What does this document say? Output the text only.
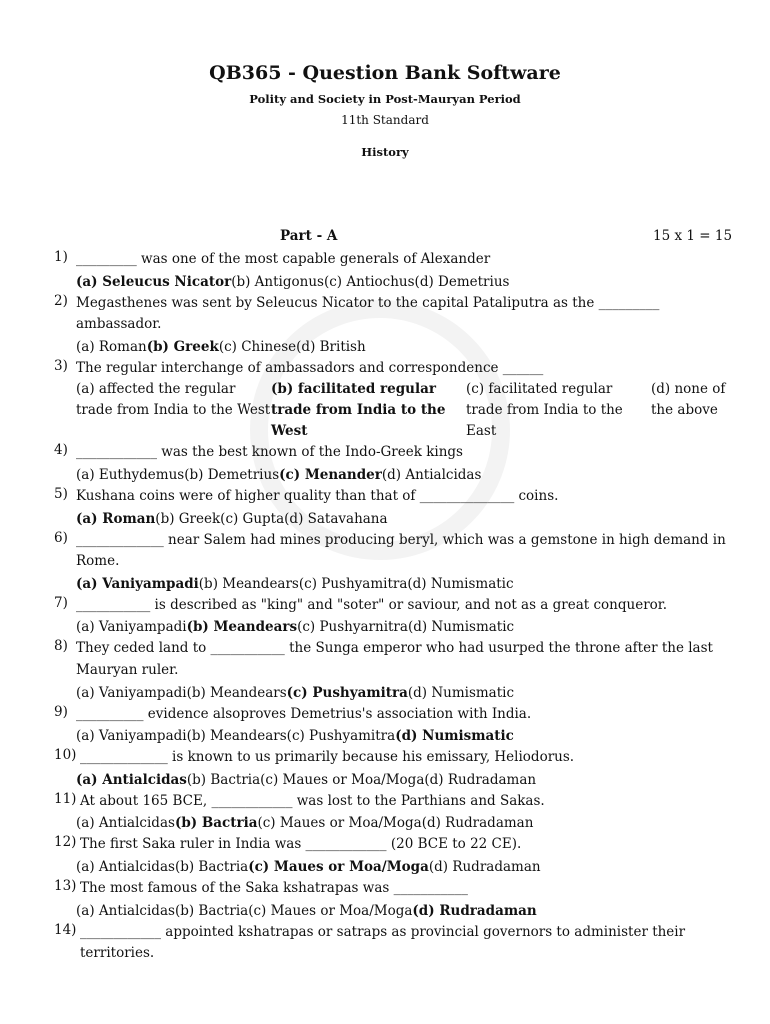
QB365 - Question Bank Software
Polity and Society in Post-Mauryan Period
11th Standard
History
Part - A	15 x 1 = 15
1) _________ was one of the most capable generals of Alexander
(a) Seleucus Nicator(b) Antigonus(c) Antiochus(d) Demetrius
2) Megasthenes was sent by Seleucus Nicator to the capital Pataliputra as the _________ ambassador.
(a) Roman(b) Greek(c) Chinese(d) British
3) The regular interchange of ambassadors and correspondence ______
(a) affected the regular trade from India to the West
(b) facilitated regular trade from India to the West
(c) facilitated regular trade from India to the East
(d) none of the above
4) ____________ was the best known of the Indo-Greek kings
(a) Euthydemus(b) Demetrius(c) Menander(d) Antialcidas
5) Kushana coins were of higher quality than that of ______________ coins.
(a) Roman(b) Greek(c) Gupta(d) Satavahana
6) _____________ near Salem had mines producing beryl, which was a gemstone in high demand in Rome.
(a) Vaniyampadi(b) Meandears(c) Pushyamitra(d) Numismatic
7) ___________ is described as "king" and "soter" or saviour, and not as a great conqueror.
(a) Vaniyampadi(b) Meandears(c) Pushyarnitra(d) Numismatic
8) They ceded land to ___________ the Sunga emperor who had usurped the throne after the last Mauryan ruler.
(a) Vaniyampadi(b) Meandears(c) Pushyamitra(d) Numismatic
9) __________ evidence alsoproves Demetrius's association with India.
(a) Vaniyampadi(b) Meandears(c) Pushyamitra(d) Numismatic
10) _____________ is known to us primarily because his emissary, Heliodorus.
(a) Antialcidas(b) Bactria(c) Maues or Moa/Moga(d) Rudradaman
11) At about 165 BCE, ____________ was lost to the Parthians and Sakas.
(a) Antialcidas(b) Bactria(c) Maues or Moa/Moga(d) Rudradaman
12) The first Saka ruler in India was ____________ (20 BCE to 22 CE).
(a) Antialcidas(b) Bactria(c) Maues or Moa/Moga(d) Rudradaman
13) The most famous of the Saka kshatrapas was ___________
(a) Antialcidas(b) Bactria(c) Maues or Moa/Moga(d) Rudradaman
14) ____________ appointed kshatrapas or satraps as provincial governors to administer their territories.
